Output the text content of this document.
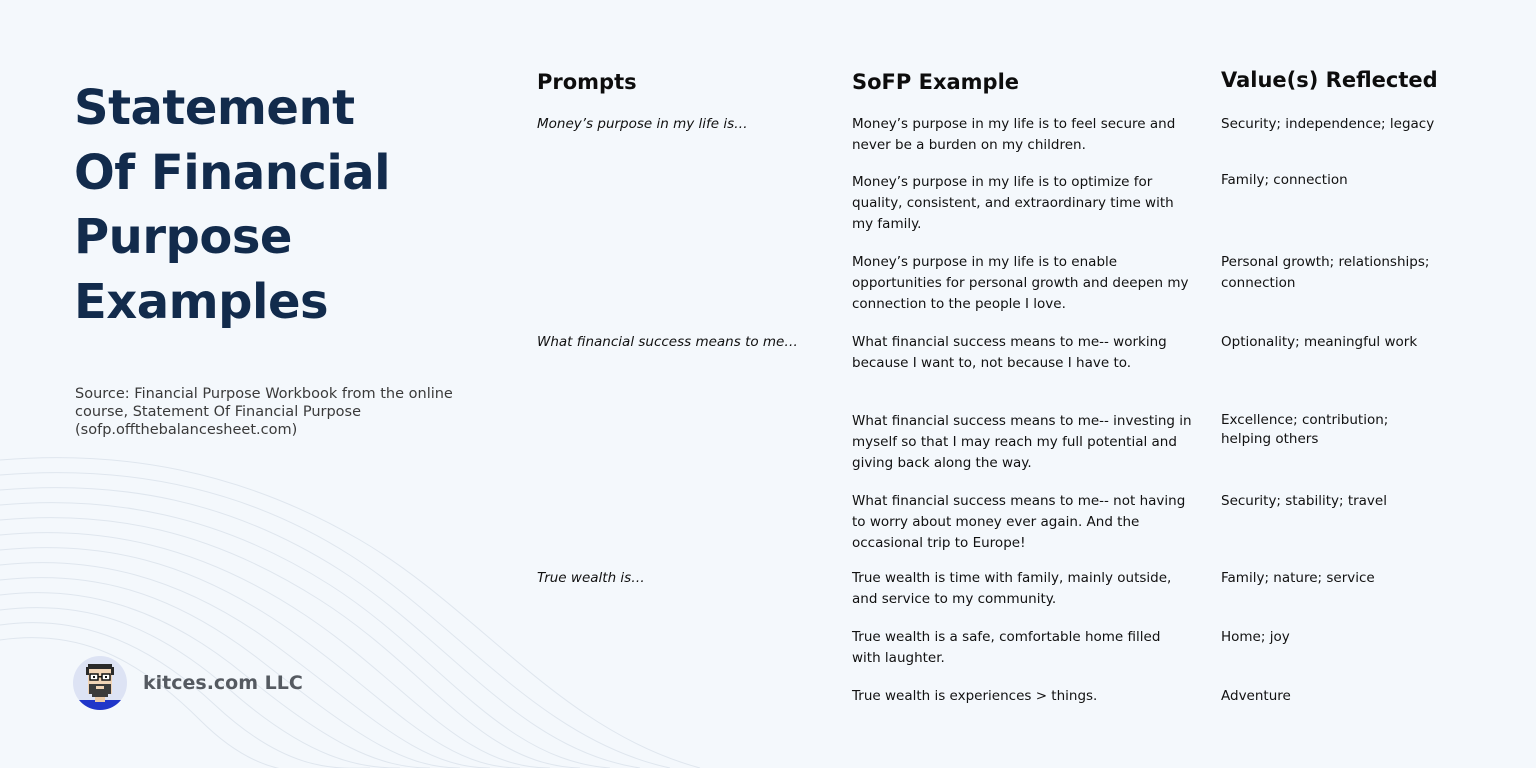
Statement
Of Financial
Purpose
Examples

Source: Financial Purpose Workbook from the online course, Statement Of Financial Purpose (sofp.offthebalancesheet.com)

kitces.com LLC
Prompts	SoFP Example	Value(s) Reflected
Money’s purpose in my life is…
What financial success means to me…
True wealth is…
Money’s purpose in my life is to feel secure and never be a burden on my children.
Money’s purpose in my life is to optimize for quality, consistent, and extraordinary time with my family.
Money’s purpose in my life is to enable opportunities for personal growth and deepen my connection to the people I love.
What financial success means to me-- working because I want to, not because I have to.
What financial success means to me-- investing in myself so that I may reach my full potential and giving back along the way.
What financial success means to me-- not having to worry about money ever again. And the occasional trip to Europe!
True wealth is time with family, mainly outside, and service to my community.
True wealth is a safe, comfortable home filled with laughter.
True wealth is experiences > things.
Security; independence; legacy
Family; connection
Personal growth; relationships; connection
Optionality; meaningful work
Excellence; contribution; helping others
Security; stability; travel
Family; nature; service
Home; joy
Adventure
